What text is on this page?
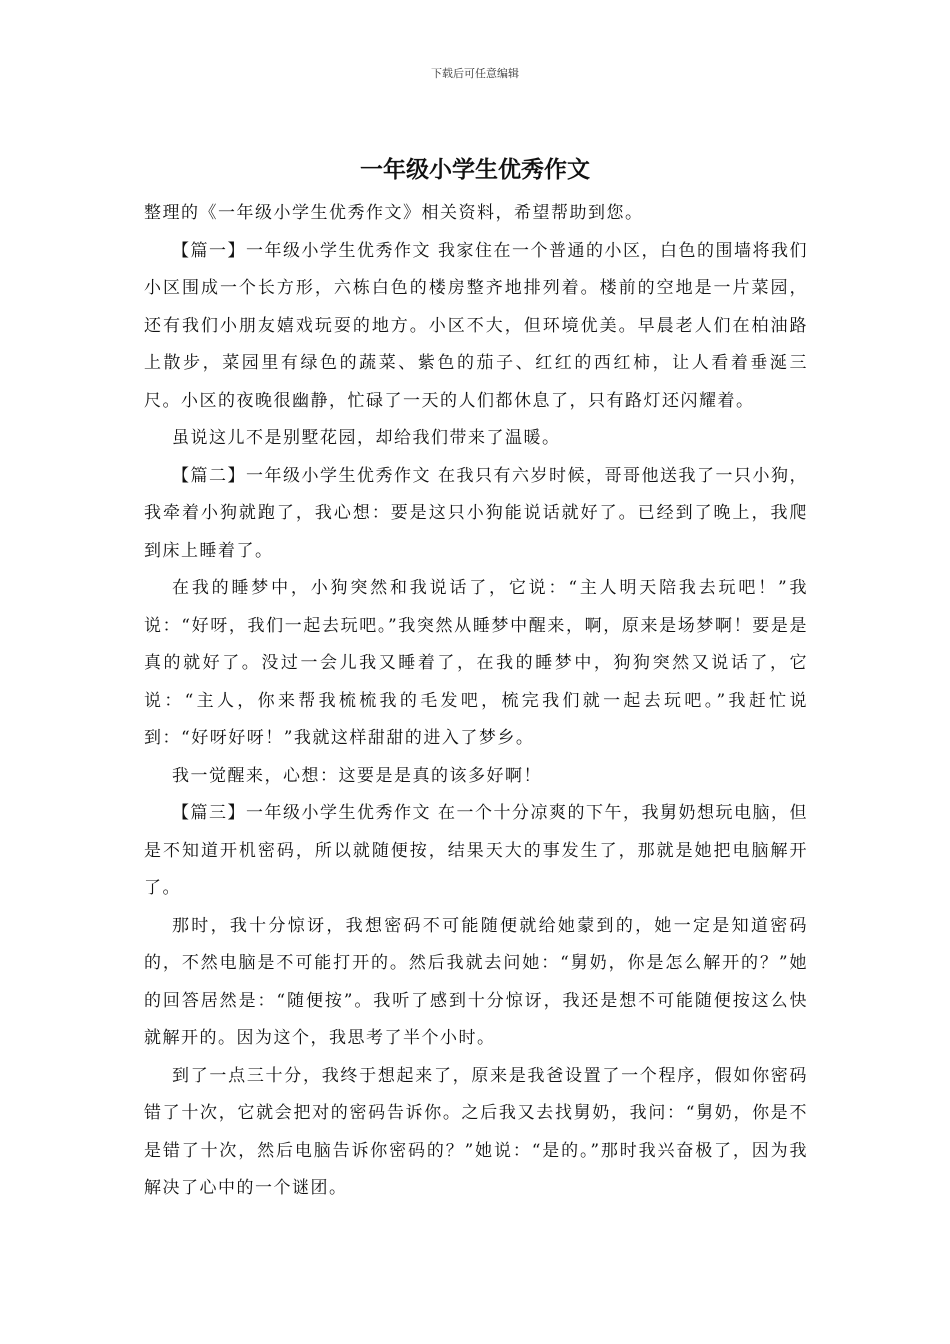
下载后可任意编辑
一年级小学生优秀作文

整理的《一年级小学生优秀作文》相关资料，希望帮助到您。

【篇一】一年级小学生优秀作文 我家住在一个普通的小区，白色的围墙将我们小区围成一个长方形，六栋白色的楼房整齐地排列着。楼前的空地是一片菜园，还有我们小朋友嬉戏玩耍的地方。小区不大，但环境优美。早晨老人们在柏油路上散步，菜园里有绿色的蔬菜、紫色的茄子、红红的西红柿，让人看着垂涎三尺。小区的夜晚很幽静，忙碌了一天的人们都休息了，只有路灯还闪耀着。

虽说这儿不是别墅花园，却给我们带来了温暖。

【篇二】一年级小学生优秀作文 在我只有六岁时候，哥哥他送我了一只小狗，我牵着小狗就跑了，我心想：要是这只小狗能说话就好了。已经到了晚上，我爬到床上睡着了。

在我的睡梦中，小狗突然和我说话了，它说：“主人明天陪我去玩吧！”我说：“好呀，我们一起去玩吧。”我突然从睡梦中醒来，啊，原来是场梦啊！要是是真的就好了。没过一会儿我又睡着了，在我的睡梦中，狗狗突然又说话了，它说：“主人，你来帮我梳梳我的毛发吧，梳完我们就一起去玩吧。”我赶忙说到：“好呀好呀！”我就这样甜甜的进入了梦乡。

我一觉醒来，心想：这要是是真的该多好啊！

【篇三】一年级小学生优秀作文 在一个十分凉爽的下午，我舅奶想玩电脑，但是不知道开机密码，所以就随便按，结果天大的事发生了，那就是她把电脑解开了。

那时，我十分惊讶，我想密码不可能随便就给她蒙到的，她一定是知道密码的，不然电脑是不可能打开的。然后我就去问她：“舅奶，你是怎么解开的？”她的回答居然是：“随便按”。我听了感到十分惊讶，我还是想不可能随便按这么快就解开的。因为这个，我思考了半个小时。

到了一点三十分，我终于想起来了，原来是我爸设置了一个程序，假如你密码错了十次，它就会把对的密码告诉你。之后我又去找舅奶，我问：“舅奶，你是不是错了十次，然后电脑告诉你密码的？”她说：“是的。”那时我兴奋极了，因为我解决了心中的一个谜团。
